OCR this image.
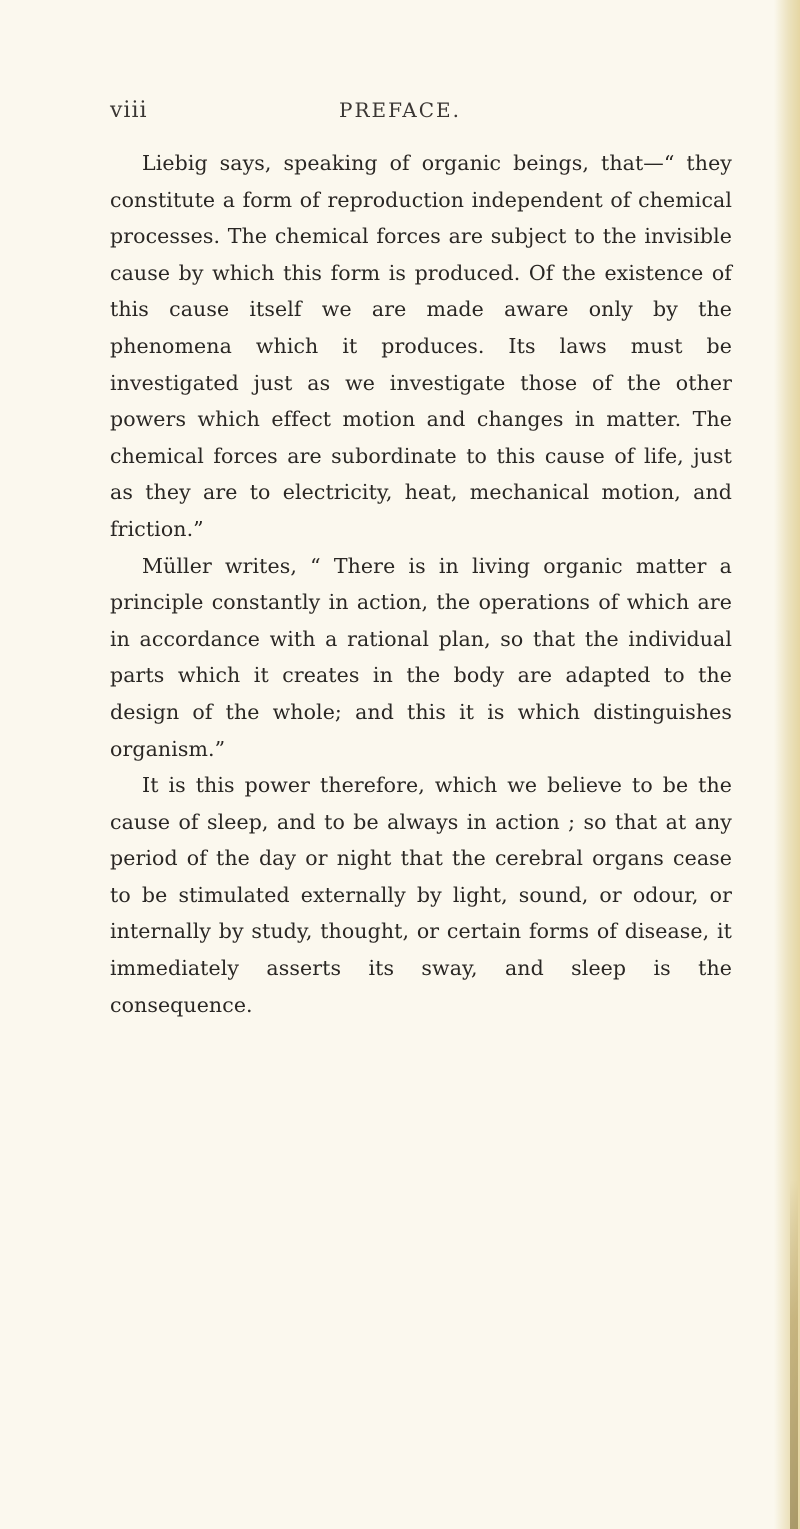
viii	PREFACE.

Liebig says, speaking of organic beings, that—“ they constitute a form of reproduction independent of chemical processes. The chemical forces are subject to the invisible cause by which this form is produced. Of the existence of this cause itself we are made aware only by the phenomena which it produces. Its laws must be investigated just as we investigate those of the other powers which effect motion and changes in matter. The chemical forces are subordinate to this cause of life, just as they are to electricity, heat, mechanical motion, and friction.”

Müller writes, “ There is in living organic matter a principle constantly in action, the operations of which are in accordance with a rational plan, so that the individual parts which it creates in the body are adapted to the design of the whole; and this it is which distinguishes organism.”

It is this power therefore, which we believe to be the cause of sleep, and to be always in action ; so that at any period of the day or night that the cerebral organs cease to be stimulated externally by light, sound, or odour, or internally by study, thought, or certain forms of disease, it immediately asserts its sway, and sleep is the consequence.
